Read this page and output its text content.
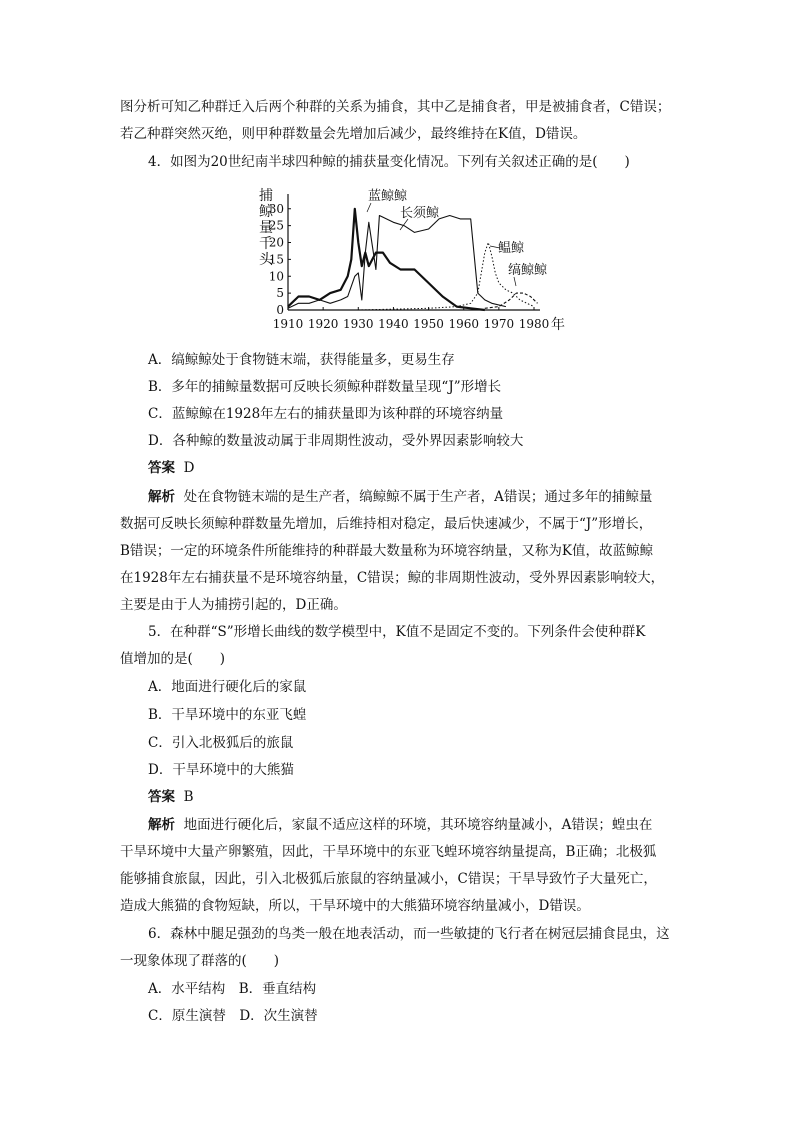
图分析可知乙种群迁入后两个种群的关系为捕食，其中乙是捕食者，甲是被捕食者，C错误；
若乙种群突然灭绝，则甲种群数量会先增加后减少，最终维持在K值，D错误。
4．如图为20世纪南半球四种鲸的捕获量变化情况。下列有关叙述正确的是(　　)
捕
鲸
量
千
头
年
0
5
10
15
20
25
30
1910 1920 1930 1940 1950 1960 1970 1980
蓝鲸鲸
长须鲸
鳁鲸
缟鲸鲸
A．缟鲸鲸处于食物链末端，获得能量多，更易生存
B．多年的捕鲸量数据可反映长须鲸种群数量呈现“J”形增长
C．蓝鲸鲸在1928年左右的捕获量即为该种群的环境容纳量
D．各种鲸的数量波动属于非周期性波动，受外界因素影响较大
答案 D
解析 处在食物链末端的是生产者，缟鲸鲸不属于生产者，A错误；通过多年的捕鲸量
数据可反映长须鲸种群数量先增加，后维持相对稳定，最后快速减少，不属于“J”形增长，
B错误；一定的环境条件所能维持的种群最大数量称为环境容纳量，又称为K值，故蓝鲸鲸
在1928年左右捕获量不是环境容纳量，C错误；鲸的非周期性波动，受外界因素影响较大，
主要是由于人为捕捞引起的，D正确。
5．在种群“S”形增长曲线的数学模型中，K值不是固定不变的。下列条件会使种群K
值增加的是(　　)
A．地面进行硬化后的家鼠
B．干旱环境中的东亚飞蝗
C．引入北极狐后的旅鼠
D．干旱环境中的大熊猫
答案 B
解析 地面进行硬化后，家鼠不适应这样的环境，其环境容纳量减小，A错误；蝗虫在
干旱环境中大量产卵繁殖，因此，干旱环境中的东亚飞蝗环境容纳量提高，B正确；北极狐
能够捕食旅鼠，因此，引入北极狐后旅鼠的容纳量减小，C错误；干旱导致竹子大量死亡，
造成大熊猫的食物短缺，所以，干旱环境中的大熊猫环境容纳量减小，D错误。
6．森林中腿足强劲的鸟类一般在地表活动，而一些敏捷的飞行者在树冠层捕食昆虫，这
一现象体现了群落的(　　)
A．水平结构　B．垂直结构
C．原生演替　D．次生演替
